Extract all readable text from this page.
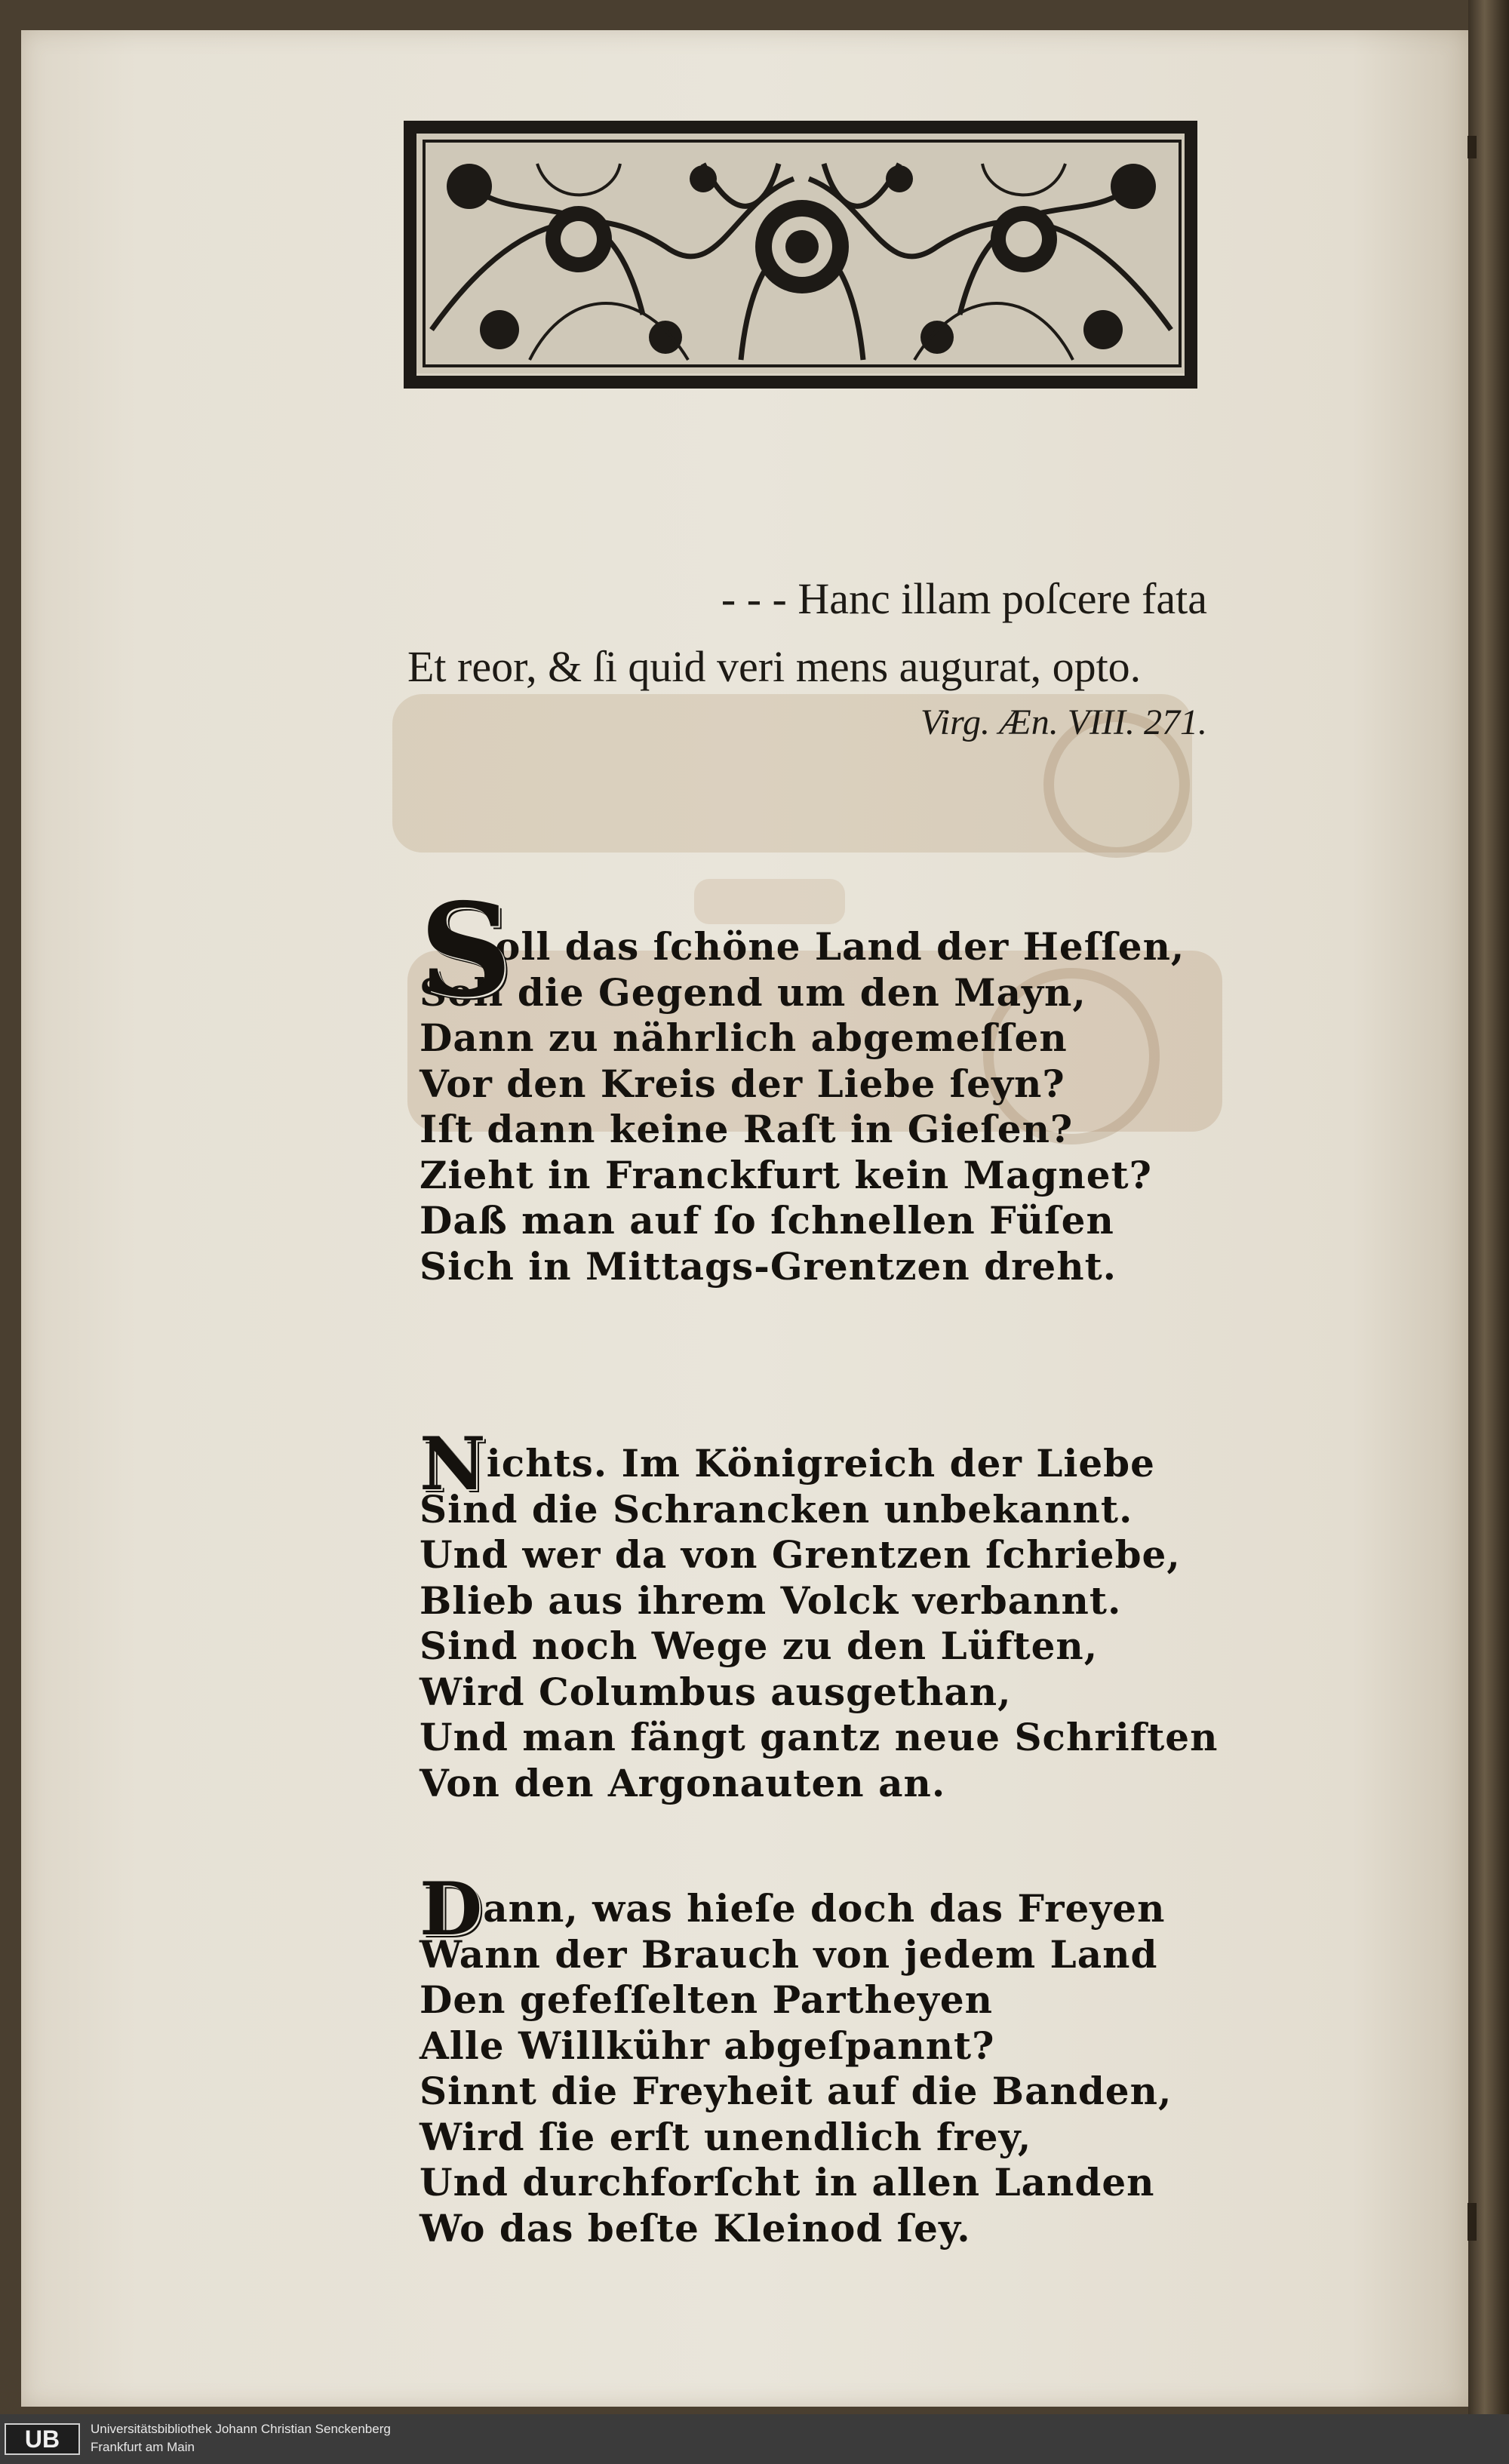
- - - Hanc illam poſcere fata
Et reor, & ſi quid veri mens augurat, opto.
Virg. Æn. VIII. 271.
S
oll das ſchöne Land der Heſſen,
Soll die Gegend um den Mayn,
Dann zu nährlich abgemeſſen
Vor den Kreis der Liebe ſeyn?
Iſt dann keine Raſt in Gieſen?
Zieht in Franckfurt kein Magnet?
Daß man auf ſo ſchnellen Füſen
Sich in Mittags-Grentzen dreht.
Nichts. Im Königreich der Liebe
Sind die Schrancken unbekannt.
Und wer da von Grentzen ſchriebe,
Blieb aus ihrem Volck verbannt.
Sind noch Wege zu den Lüften,
Wird Columbus ausgethan,
Und man fängt gantz neue Schriften
Von den Argonauten an.
Dann, was hieſe doch das Freyen
Wann der Brauch von jedem Land
Den gefeſſelten Partheyen
Alle Willkühr abgeſpannt?
Sinnt die Freyheit auf die Banden,
Wird ſie erſt unendlich frey,
Und durchforſcht in allen Landen
Wo das beſte Kleinod ſey.
UB	Universitätsbibliothek Johann Christian Senckenberg
Frankfurt am Main
